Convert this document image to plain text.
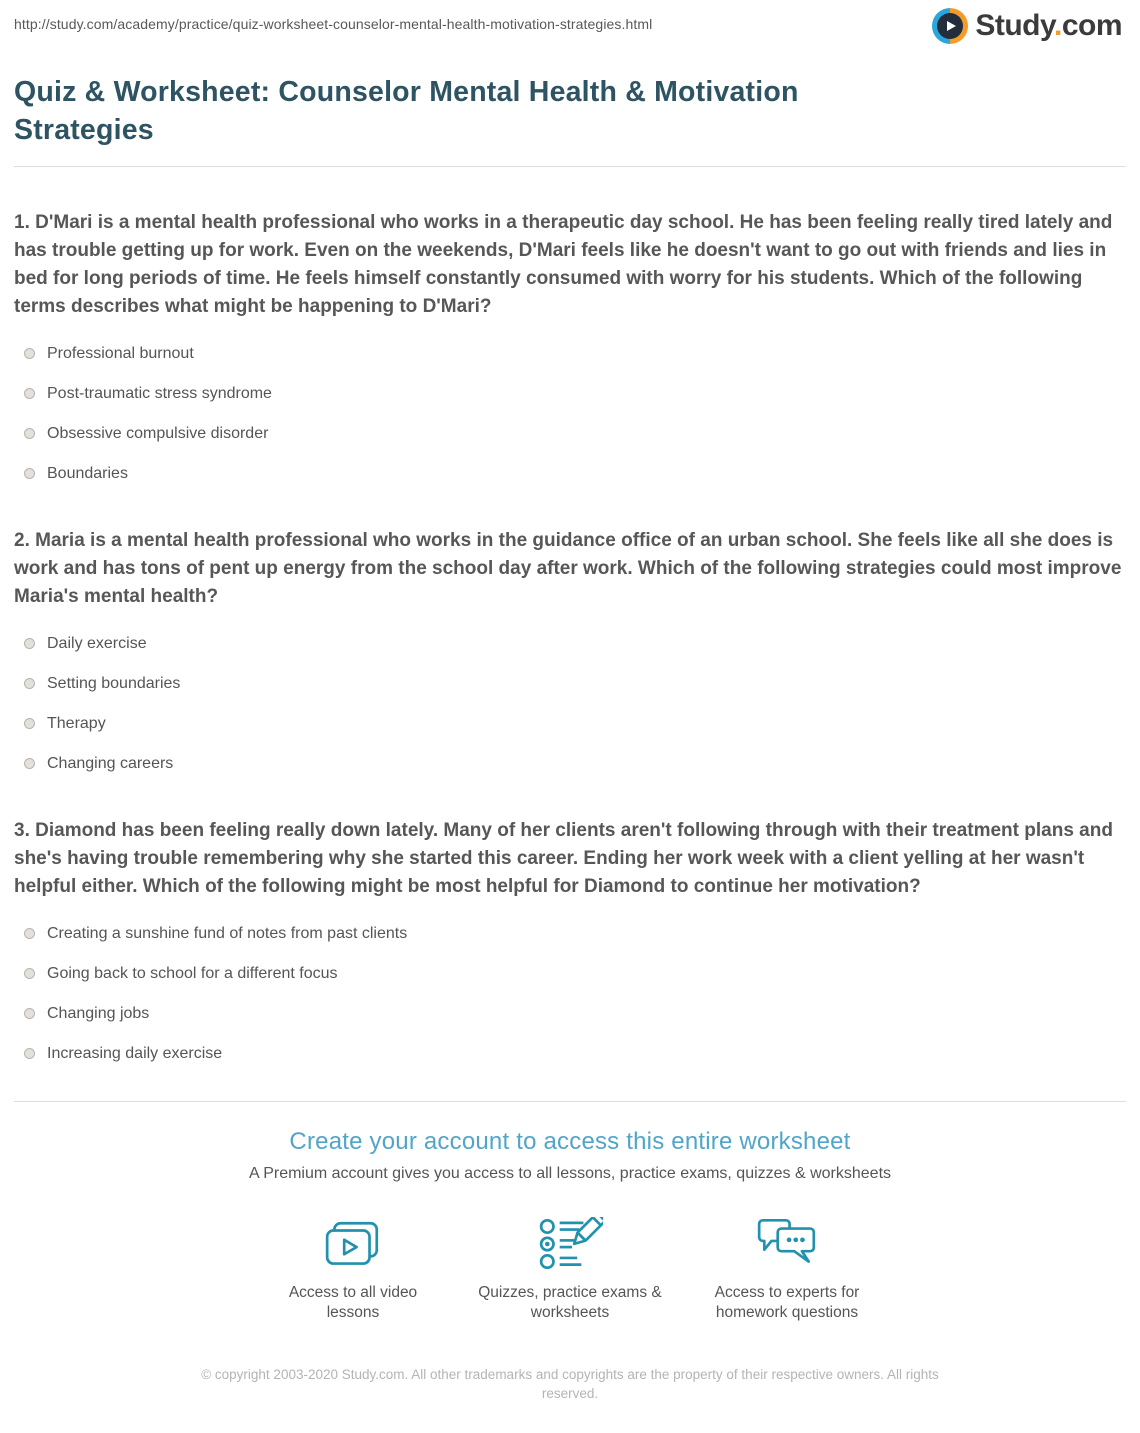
http://study.com/academy/practice/quiz-worksheet-counselor-mental-health-motivation-strategies.html	Study.com
Quiz & Worksheet: Counselor Mental Health & Motivation Strategies

1. D'Mari is a mental health professional who works in a therapeutic day school. He has been feeling really tired lately and has trouble getting up for work. Even on the weekends, D'Mari feels like he doesn't want to go out with friends and lies in bed for long periods of time. He feels himself constantly consumed with worry for his students. Which of the following terms describes what might be happening to D'Mari?

Professional burnout
Post-traumatic stress syndrome
Obsessive compulsive disorder
Boundaries

2. Maria is a mental health professional who works in the guidance office of an urban school. She feels like all she does is work and has tons of pent up energy from the school day after work. Which of the following strategies could most improve Maria's mental health?

Daily exercise
Setting boundaries
Therapy
Changing careers

3. Diamond has been feeling really down lately. Many of her clients aren't following through with their treatment plans and she's having trouble remembering why she started this career. Ending her work week with a client yelling at her wasn't helpful either. Which of the following might be most helpful for Diamond to continue her motivation?

Creating a sunshine fund of notes from past clients
Going back to school for a different focus
Changing jobs
Increasing daily exercise
Create your account to access this entire worksheet

A Premium account gives you access to all lessons, practice exams, quizzes & worksheets

Access to all video lessons
Quizzes, practice exams & worksheets
Access to experts for homework questions

© copyright 2003-2020 Study.com. All other trademarks and copyrights are the property of their respective owners. All rights reserved.
